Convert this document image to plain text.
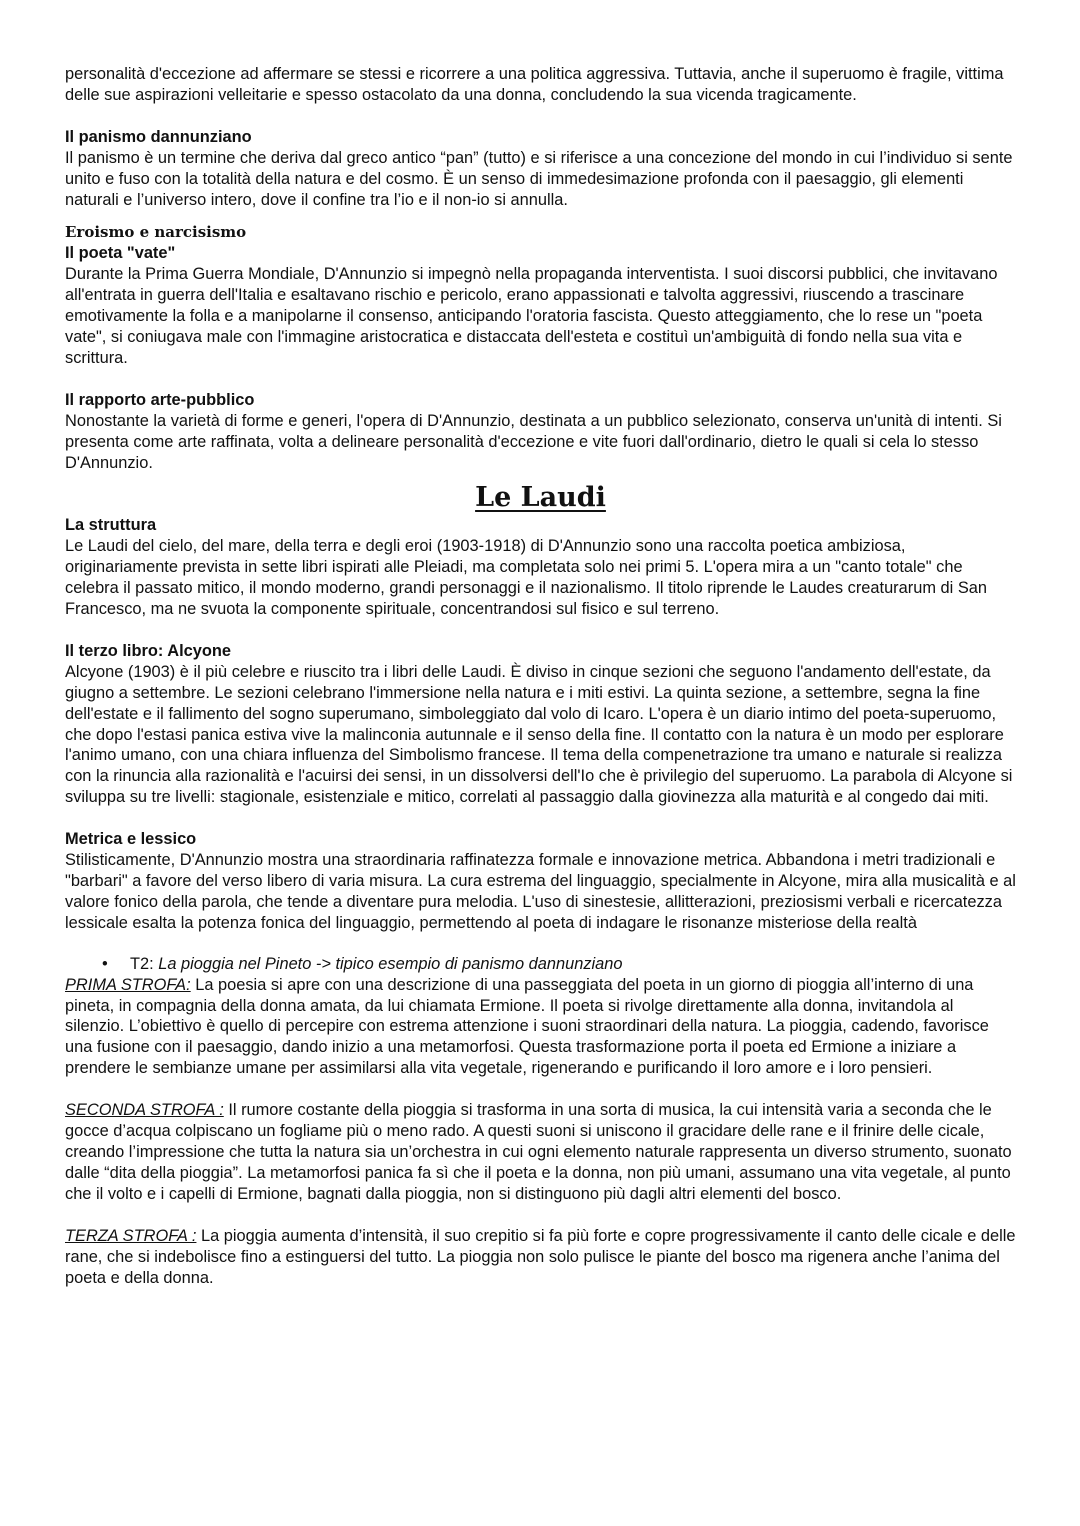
personalità d'eccezione ad affermare se stessi e ricorrere a una politica aggressiva. Tuttavia, anche il superuomo è fragile, vittima delle sue aspirazioni velleitarie e spesso ostacolato da una donna, concludendo la sua vicenda tragicamente.

Il panismo dannunziano

Il panismo è un termine che deriva dal greco antico “pan” (tutto) e si riferisce a una concezione del mondo in cui l’individuo si sente unito e fuso con la totalità della natura e del cosmo. È un senso di immedesimazione profonda con il paesaggio, gli elementi naturali e l’universo intero, dove il confine tra l’io e il non-io si annulla.

Eroismo e narcisismo

Il poeta "vate"

Durante la Prima Guerra Mondiale, D'Annunzio si impegnò nella propaganda interventista. I suoi discorsi pubblici, che invitavano all'entrata in guerra dell'Italia e esaltavano rischio e pericolo, erano appassionati e talvolta aggressivi, riuscendo a trascinare emotivamente la folla e a manipolarne il consenso, anticipando l'oratoria fascista. Questo atteggiamento, che lo rese un "poeta vate", si coniugava male con l'immagine aristocratica e distaccata dell'esteta e costituì un'ambiguità di fondo nella sua vita e scrittura.

Il rapporto arte-pubblico

Nonostante la varietà di forme e generi, l'opera di D'Annunzio, destinata a un pubblico selezionato, conserva un'unità di intenti. Si presenta come arte raffinata, volta a delineare personalità d'eccezione e vite fuori dall'ordinario, dietro le quali si cela lo stesso D'Annunzio.

Le Laudi

La struttura

Le Laudi del cielo, del mare, della terra e degli eroi (1903-1918) di D'Annunzio sono una raccolta poetica ambiziosa, originariamente prevista in sette libri ispirati alle Pleiadi, ma completata solo nei primi 5. L'opera mira a un "canto totale" che celebra il passato mitico, il mondo moderno, grandi personaggi e il nazionalismo. Il titolo riprende le Laudes creaturarum di San Francesco, ma ne svuota la componente spirituale, concentrandosi sul fisico e sul terreno.

Il terzo libro: Alcyone

Alcyone (1903) è il più celebre e riuscito tra i libri delle Laudi. È diviso in cinque sezioni che seguono l'andamento dell'estate, da giugno a settembre. Le sezioni celebrano l'immersione nella natura e i miti estivi. La quinta sezione, a settembre, segna la fine dell'estate e il fallimento del sogno superumano, simboleggiato dal volo di Icaro. L'opera è un diario intimo del poeta-superuomo, che dopo l'estasi panica estiva vive la malinconia autunnale e il senso della fine. Il contatto con la natura è un modo per esplorare l'animo umano, con una chiara influenza del Simbolismo francese. Il tema della compenetrazione tra umano e naturale si realizza con la rinuncia alla razionalità e l'acuirsi dei sensi, in un dissolversi dell'Io che è privilegio del superuomo. La parabola di Alcyone si sviluppa su tre livelli: stagionale, esistenziale e mitico, correlati al passaggio dalla giovinezza alla maturità e al congedo dai miti.

Metrica e lessico

Stilisticamente, D'Annunzio mostra una straordinaria raffinatezza formale e innovazione metrica. Abbandona i metri tradizionali e "barbari" a favore del verso libero di varia misura. La cura estrema del linguaggio, specialmente in Alcyone, mira alla musicalità e al valore fonico della parola, che tende a diventare pura melodia. L'uso di sinestesie, allitterazioni, preziosismi verbali e ricercatezza lessicale esalta la potenza fonica del linguaggio, permettendo al poeta di indagare le risonanze misteriose della realtà

•	T2: La pioggia nel Pineto -> tipico esempio di panismo dannunziano

PRIMA STROFA: La poesia si apre con una descrizione di una passeggiata del poeta in un giorno di pioggia all’interno di una pineta, in compagnia della donna amata, da lui chiamata Ermione. Il poeta si rivolge direttamente alla donna, invitandola al silenzio. L’obiettivo è quello di percepire con estrema attenzione i suoni straordinari della natura. La pioggia, cadendo, favorisce una fusione con il paesaggio, dando inizio a una metamorfosi. Questa trasformazione porta il poeta ed Ermione a iniziare a prendere le sembianze umane per assimilarsi alla vita vegetale, rigenerando e purificando il loro amore e i loro pensieri.

SECONDA STROFA : Il rumore costante della pioggia si trasforma in una sorta di musica, la cui intensità varia a seconda che le gocce d’acqua colpiscano un fogliame più o meno rado. A questi suoni si uniscono il gracidare delle rane e il frinire delle cicale, creando l’impressione che tutta la natura sia un’orchestra in cui ogni elemento naturale rappresenta un diverso strumento, suonato dalle “dita della pioggia”. La metamorfosi panica fa sì che il poeta e la donna, non più umani, assumano una vita vegetale, al punto che il volto e i capelli di Ermione, bagnati dalla pioggia, non si distinguono più dagli altri elementi del bosco.

TERZA STROFA : La pioggia aumenta d’intensità, il suo crepitio si fa più forte e copre progressivamente il canto delle cicale e delle rane, che si indebolisce fino a estinguersi del tutto. La pioggia non solo pulisce le piante del bosco ma rigenera anche l’anima del poeta e della donna.
